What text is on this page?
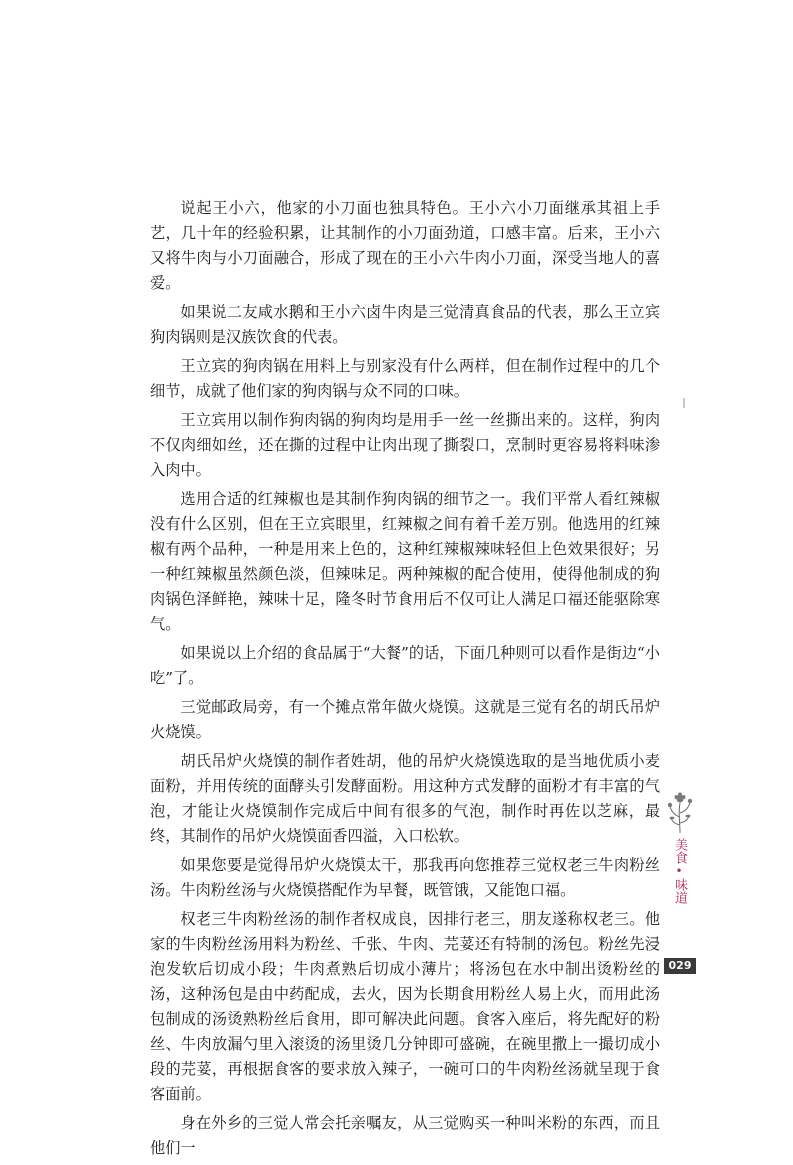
说起王小六，他家的小刀面也独具特色。王小六小刀面继承其祖上手艺，几十年的经验积累，让其制作的小刀面劲道，口感丰富。后来，王小六又将牛肉与小刀面融合，形成了现在的王小六牛肉小刀面，深受当地人的喜爱。

如果说二友咸水鹅和王小六卤牛肉是三觉清真食品的代表，那么王立宾狗肉锅则是汉族饮食的代表。

王立宾的狗肉锅在用料上与别家没有什么两样，但在制作过程中的几个细节，成就了他们家的狗肉锅与众不同的口味。

王立宾用以制作狗肉锅的狗肉均是用手一丝一丝撕出来的。这样，狗肉不仅肉细如丝，还在撕的过程中让肉出现了撕裂口，烹制时更容易将料味渗入肉中。

选用合适的红辣椒也是其制作狗肉锅的细节之一。我们平常人看红辣椒没有什么区别，但在王立宾眼里，红辣椒之间有着千差万别。他选用的红辣椒有两个品种，一种是用来上色的，这种红辣椒辣味轻但上色效果很好；另一种红辣椒虽然颜色淡，但辣味足。两种辣椒的配合使用，使得他制成的狗肉锅色泽鲜艳，辣味十足，隆冬时节食用后不仅可让人满足口福还能驱除寒气。

如果说以上介绍的食品属于“大餐”的话，下面几种则可以看作是街边“小吃”了。

三觉邮政局旁，有一个摊点常年做火烧馍。这就是三觉有名的胡氏吊炉火烧馍。

胡氏吊炉火烧馍的制作者姓胡，他的吊炉火烧馍选取的是当地优质小麦面粉，并用传统的面酵头引发酵面粉。用这种方式发酵的面粉才有丰富的气泡，才能让火烧馍制作完成后中间有很多的气泡，制作时再佐以芝麻，最终，其制作的吊炉火烧馍面香四溢，入口松软。

如果您要是觉得吊炉火烧馍太干，那我再向您推荐三觉权老三牛肉粉丝汤。牛肉粉丝汤与火烧馍搭配作为早餐，既管饿，又能饱口福。

权老三牛肉粉丝汤的制作者权成良，因排行老三，朋友遂称权老三。他家的牛肉粉丝汤用料为粉丝、千张、牛肉、芫荽还有特制的汤包。粉丝先浸泡发软后切成小段；牛肉煮熟后切成小薄片；将汤包在水中制出烫粉丝的汤，这种汤包是由中药配成，去火，因为长期食用粉丝人易上火，而用此汤包制成的汤烫熟粉丝后食用，即可解决此问题。食客入座后，将先配好的粉丝、牛肉放漏勺里入滚烫的汤里烫几分钟即可盛碗，在碗里撒上一撮切成小段的芫荽，再根据食客的要求放入辣子，一碗可口的牛肉粉丝汤就呈现于食客面前。

身在外乡的三觉人常会托亲嘱友，从三觉购买一种叫米粉的东西，而且他们一

美食
•
味道
029
